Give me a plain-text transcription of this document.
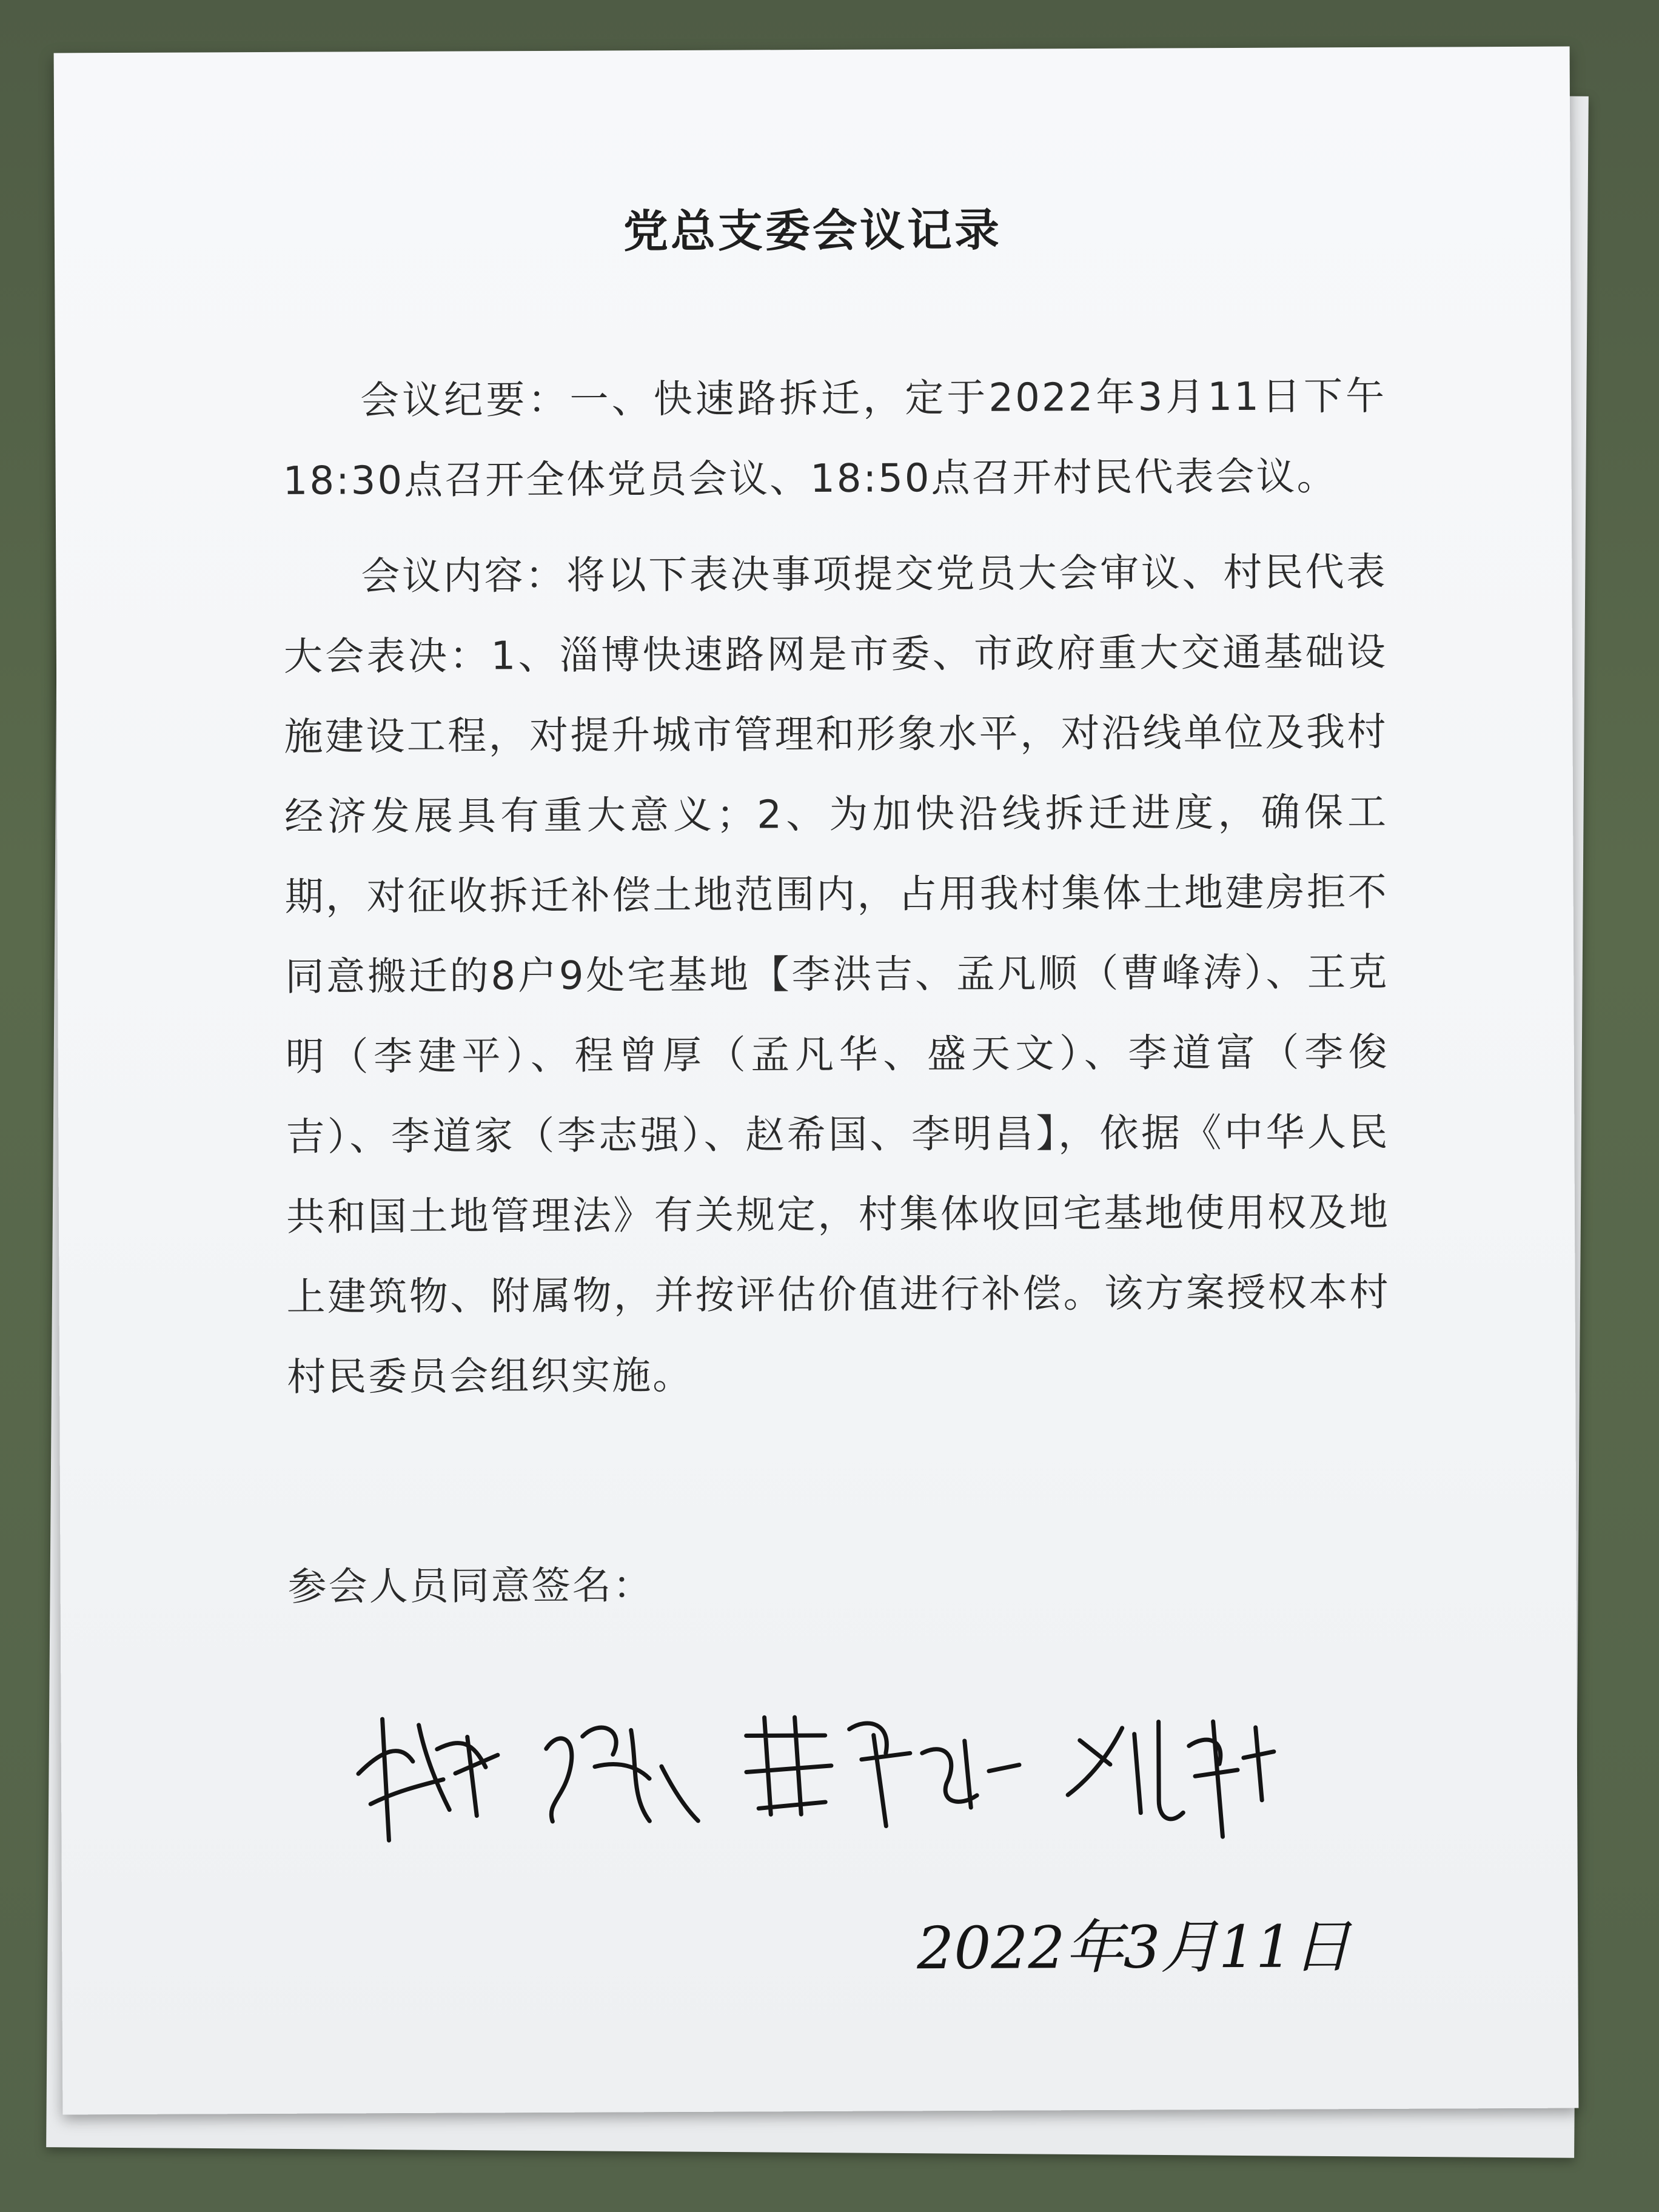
党总支委会议记录

会议纪要：一、快速路拆迁，定于2022年3月11日下午18:30点召开全体党员会议、18:50点召开村民代表会议。

会议内容：将以下表决事项提交党员大会审议、村民代表大会表决：1、淄博快速路网是市委、市政府重大交通基础设施建设工程，对提升城市管理和形象水平，对沿线单位及我村经济发展具有重大意义；2、为加快沿线拆迁进度，确保工期，对征收拆迁补偿土地范围内，占用我村集体土地建房拒不同意搬迁的8户9处宅基地【李洪吉、孟凡顺（曹峰涛）、王克明（李建平）、程曾厚（孟凡华、盛天文）、李道富（李俊吉）、李道家（李志强）、赵希国、李明昌】，依据《中华人民共和国土地管理法》有关规定，村集体收回宅基地使用权及地上建筑物、附属物，并按评估价值进行补偿。该方案授权本村村民委员会组织实施。

参会人员同意签名：
2022年3月11日
